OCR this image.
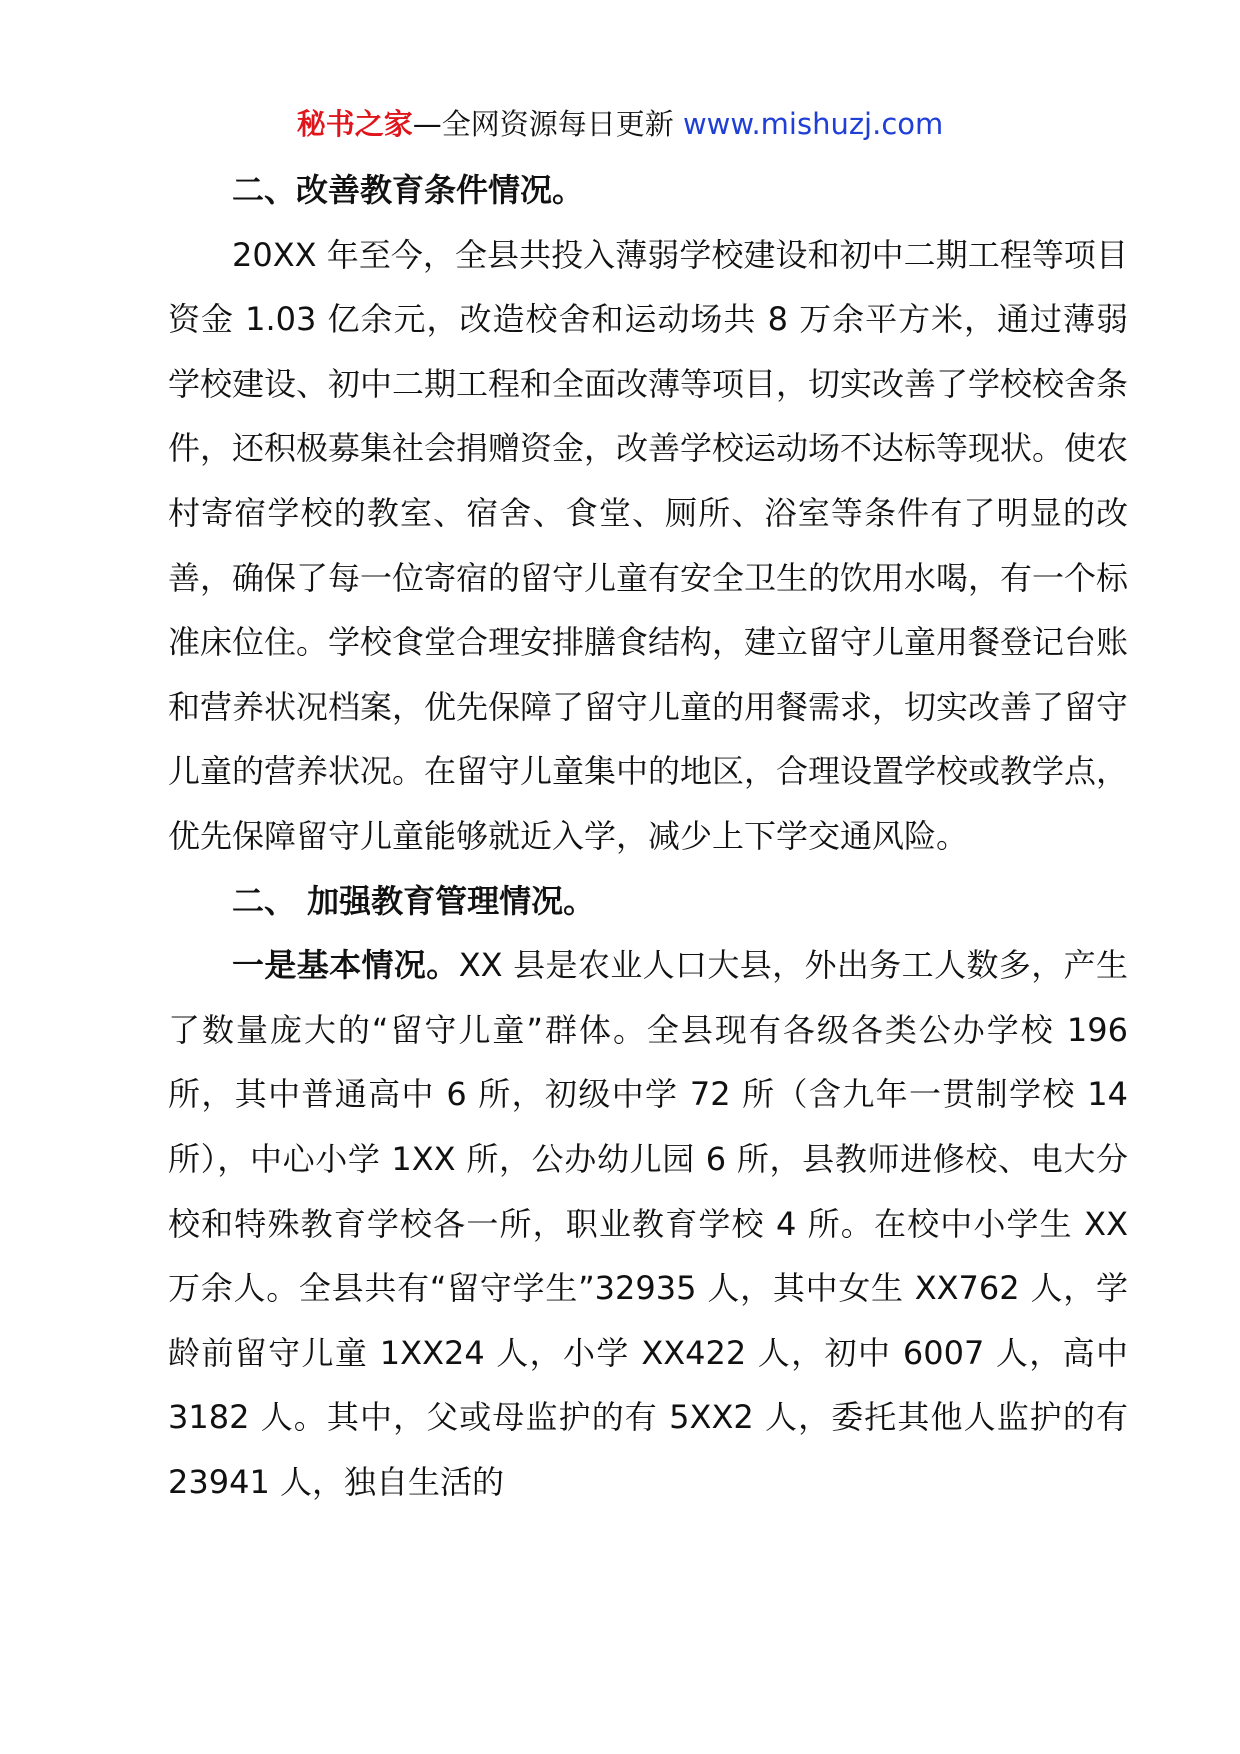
秘书之家—全网资源每日更新 www.mishuzj.com

二、改善教育条件情况。

20XX 年至今，全县共投入薄弱学校建设和初中二期工程等项目资金 1.03 亿余元，改造校舍和运动场共 8 万余平方米，通过薄弱学校建设、初中二期工程和全面改薄等项目，切实改善了学校校舍条件，还积极募集社会捐赠资金，改善学校运动场不达标等现状。使农村寄宿学校的教室、宿舍、食堂、厕所、浴室等条件有了明显的改善，确保了每一位寄宿的留守儿童有安全卫生的饮用水喝，有一个标准床位住。学校食堂合理安排膳食结构，建立留守儿童用餐登记台账和营养状况档案，优先保障了留守儿童的用餐需求，切实改善了留守儿童的营养状况。在留守儿童集中的地区，合理设置学校或教学点，优先保障留守儿童能够就近入学，减少上下学交通风险。

二、 加强教育管理情况。

一是基本情况。XX 县是农业人口大县，外出务工人数多，产生了数量庞大的“留守儿童”群体。全县现有各级各类公办学校 196 所，其中普通高中 6 所，初级中学 72 所（含九年一贯制学校 14 所），中心小学 1XX 所，公办幼儿园 6 所，县教师进修校、电大分校和特殊教育学校各一所，职业教育学校 4 所。在校中小学生 XX 万余人。全县共有“留守学生”32935 人，其中女生 XX762 人，学龄前留守儿童 1XX24 人，小学 XX422 人，初中 6007 人，高中 3182 人。其中，父或母监护的有 5XX2 人，委托其他人监护的有 23941 人，独自生活的
